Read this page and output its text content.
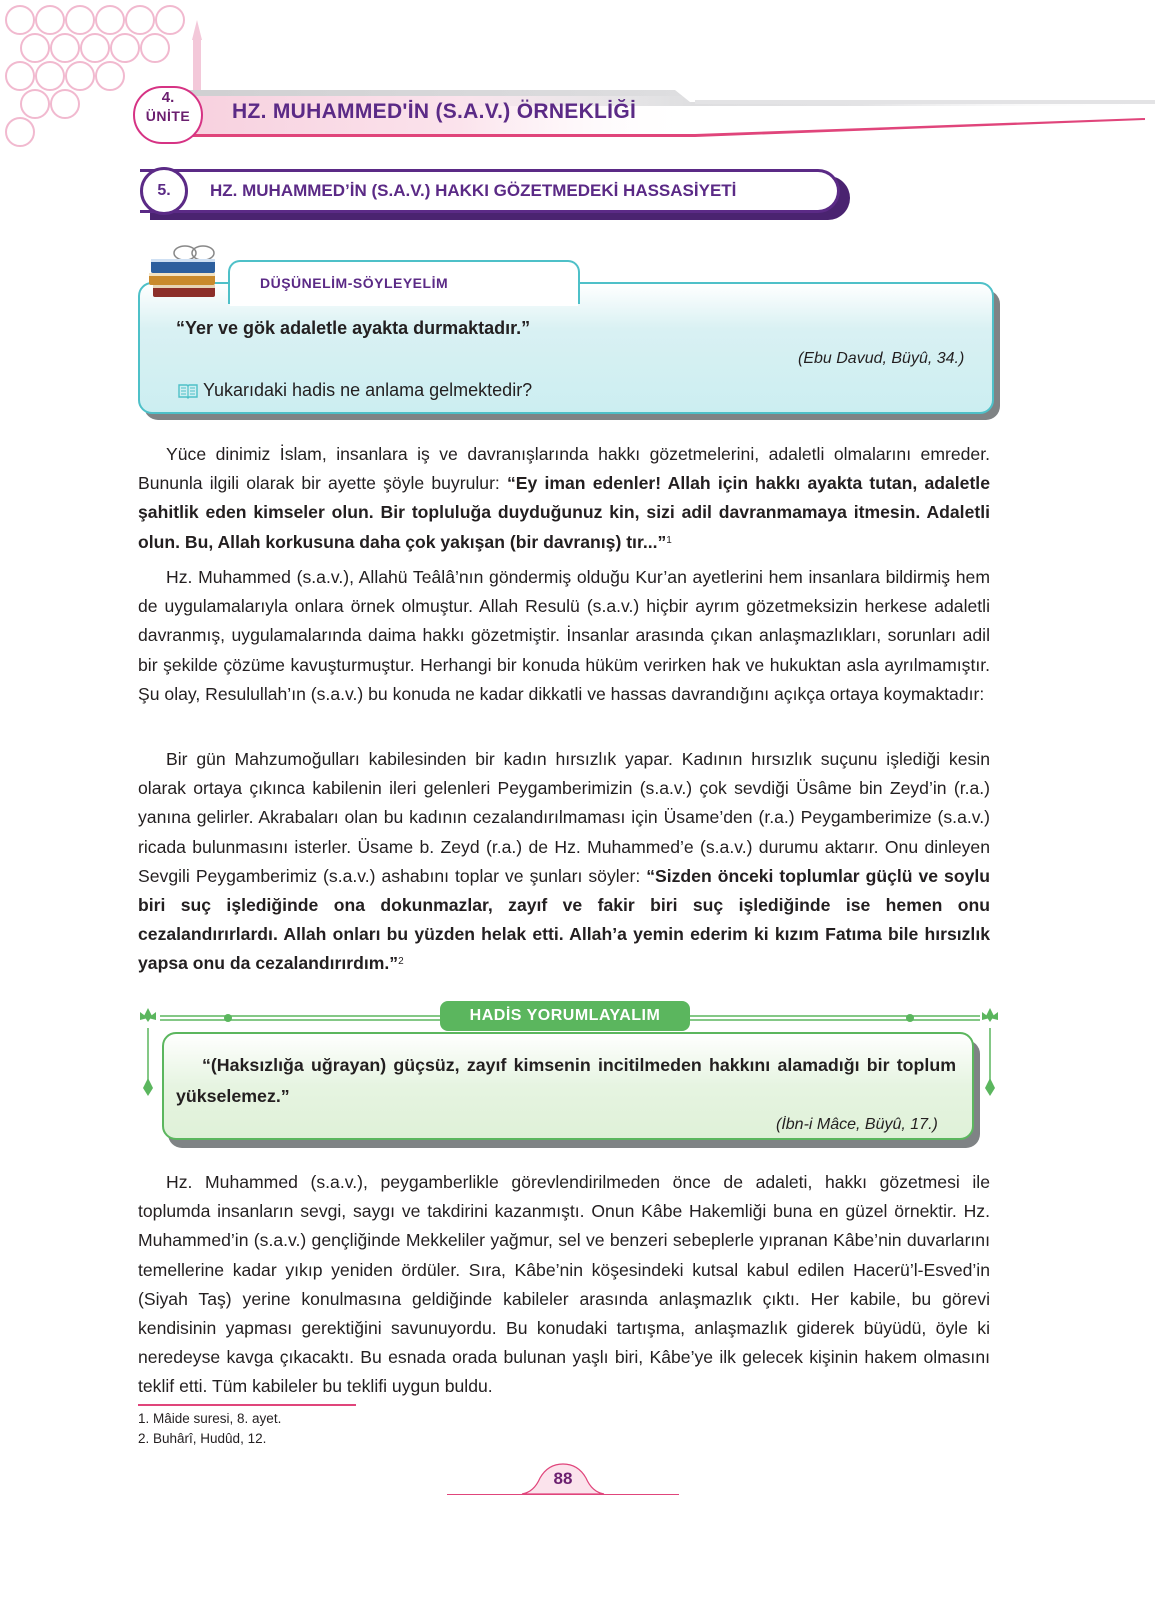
4.
ÜNİTE	HZ. MUHAMMED'İN (S.A.V.) ÖRNEKLİĞİ
5.	HZ. MUHAMMED’İN (S.A.V.) HAKKI GÖZETMEDEKİ HASSASİYETİ
DÜŞÜNELİM-SÖYLEYELİM
“Yer ve gök adaletle ayakta durmaktadır.”
(Ebu Davud, Büyû, 34.)
Yukarıdaki hadis ne anlama gelmektedir?

Yüce dinimiz İslam, insanlara iş ve davranışlarında hakkı gözetmelerini, adaletli olmalarını emreder. Bununla ilgili olarak bir ayette şöyle buyrulur: “Ey iman edenler! Allah için hakkı ayakta tutan, adaletle şahitlik eden kimseler olun. Bir topluluğa duyduğunuz kin, sizi adil davranmamaya itmesin. Adaletli olun. Bu, Allah korkusuna daha çok yakışan (bir davranış) tır...”$^1$

Hz. Muhammed (s.a.v.), Allahü Teâlâ’nın göndermiş olduğu Kur’an ayetlerini hem insanlara bildirmiş hem de uygulamalarıyla onlara örnek olmuştur. Allah Resulü (s.a.v.) hiçbir ayrım gözetmeksizin herkese adaletli davranmış, uygulamalarında daima hakkı gözetmiştir. İnsanlar arasında çıkan anlaşmazlıkları, sorunları adil bir şekilde çözüme kavuşturmuştur. Herhangi bir konuda hüküm verirken hak ve hukuktan asla ayrılmamıştır. Şu olay, Resulullah’ın (s.a.v.) bu konuda ne kadar dikkatli ve hassas davrandığını açıkça ortaya koymaktadır:

Bir gün Mahzumoğulları kabilesinden bir kadın hırsızlık yapar. Kadının hırsızlık suçunu işlediği kesin olarak ortaya çıkınca kabilenin ileri gelenleri Peygamberimizin (s.a.v.) çok sevdiği Üsâme bin Zeyd’in (r.a.) yanına gelirler. Akrabaları olan bu kadının cezalandırılmaması için Üsame’den (r.a.) Peygamberimize (s.a.v.) ricada bulunmasını isterler. Üsame b. Zeyd (r.a.) de Hz. Muhammed’e (s.a.v.) durumu aktarır. Onu dinleyen Sevgili Peygamberimiz (s.a.v.) ashabını toplar ve şunları söyler: “Sizden önceki toplumlar güçlü ve soylu biri suç işlediğinde ona dokunmazlar, zayıf ve fakir biri suç işlediğinde ise hemen onu cezalandırırlardı. Allah onları bu yüzden helak etti. Allah’a yemin ederim ki kızım Fatıma bile hırsızlık yapsa onu da cezalandırırdım.”$^2$

HADİS YORUMLAYALIM

“(Haksızlığa uğrayan) güçsüz, zayıf kimsenin incitilmeden hakkını alamadığı bir toplum yükselemez.”

(İbn-i Mâce, Büyû, 17.)

Hz. Muhammed (s.a.v.), peygamberlikle görevlendirilmeden önce de adaleti, hakkı gözetmesi ile toplumda insanların sevgi, saygı ve takdirini kazanmıştı. Onun Kâbe Hakemliği buna en güzel örnektir. Hz. Muhammed’in (s.a.v.) gençliğinde Mekkeliler yağmur, sel ve benzeri sebeplerle yıpranan Kâbe’nin duvarlarını temellerine kadar yıkıp yeniden ördüler. Sıra, Kâbe’nin köşesindeki kutsal kabul edilen Hacerü’l-Esved’in (Siyah Taş) yerine konulmasına geldiğinde kabileler arasında anlaşmazlık çıktı. Her kabile, bu görevi kendisinin yapması gerektiğini savunuyordu. Bu konudaki tartışma, anlaşmazlık giderek büyüdü, öyle ki neredeyse kavga çıkacaktı. Bu esnada orada bulunan yaşlı biri, Kâbe’ye ilk gelecek kişinin hakem olmasını teklif etti. Tüm kabileler bu teklifi uygun buldu.

1. Mâide suresi, 8. ayet.
2. Buhârî, Hudûd, 12.
88
